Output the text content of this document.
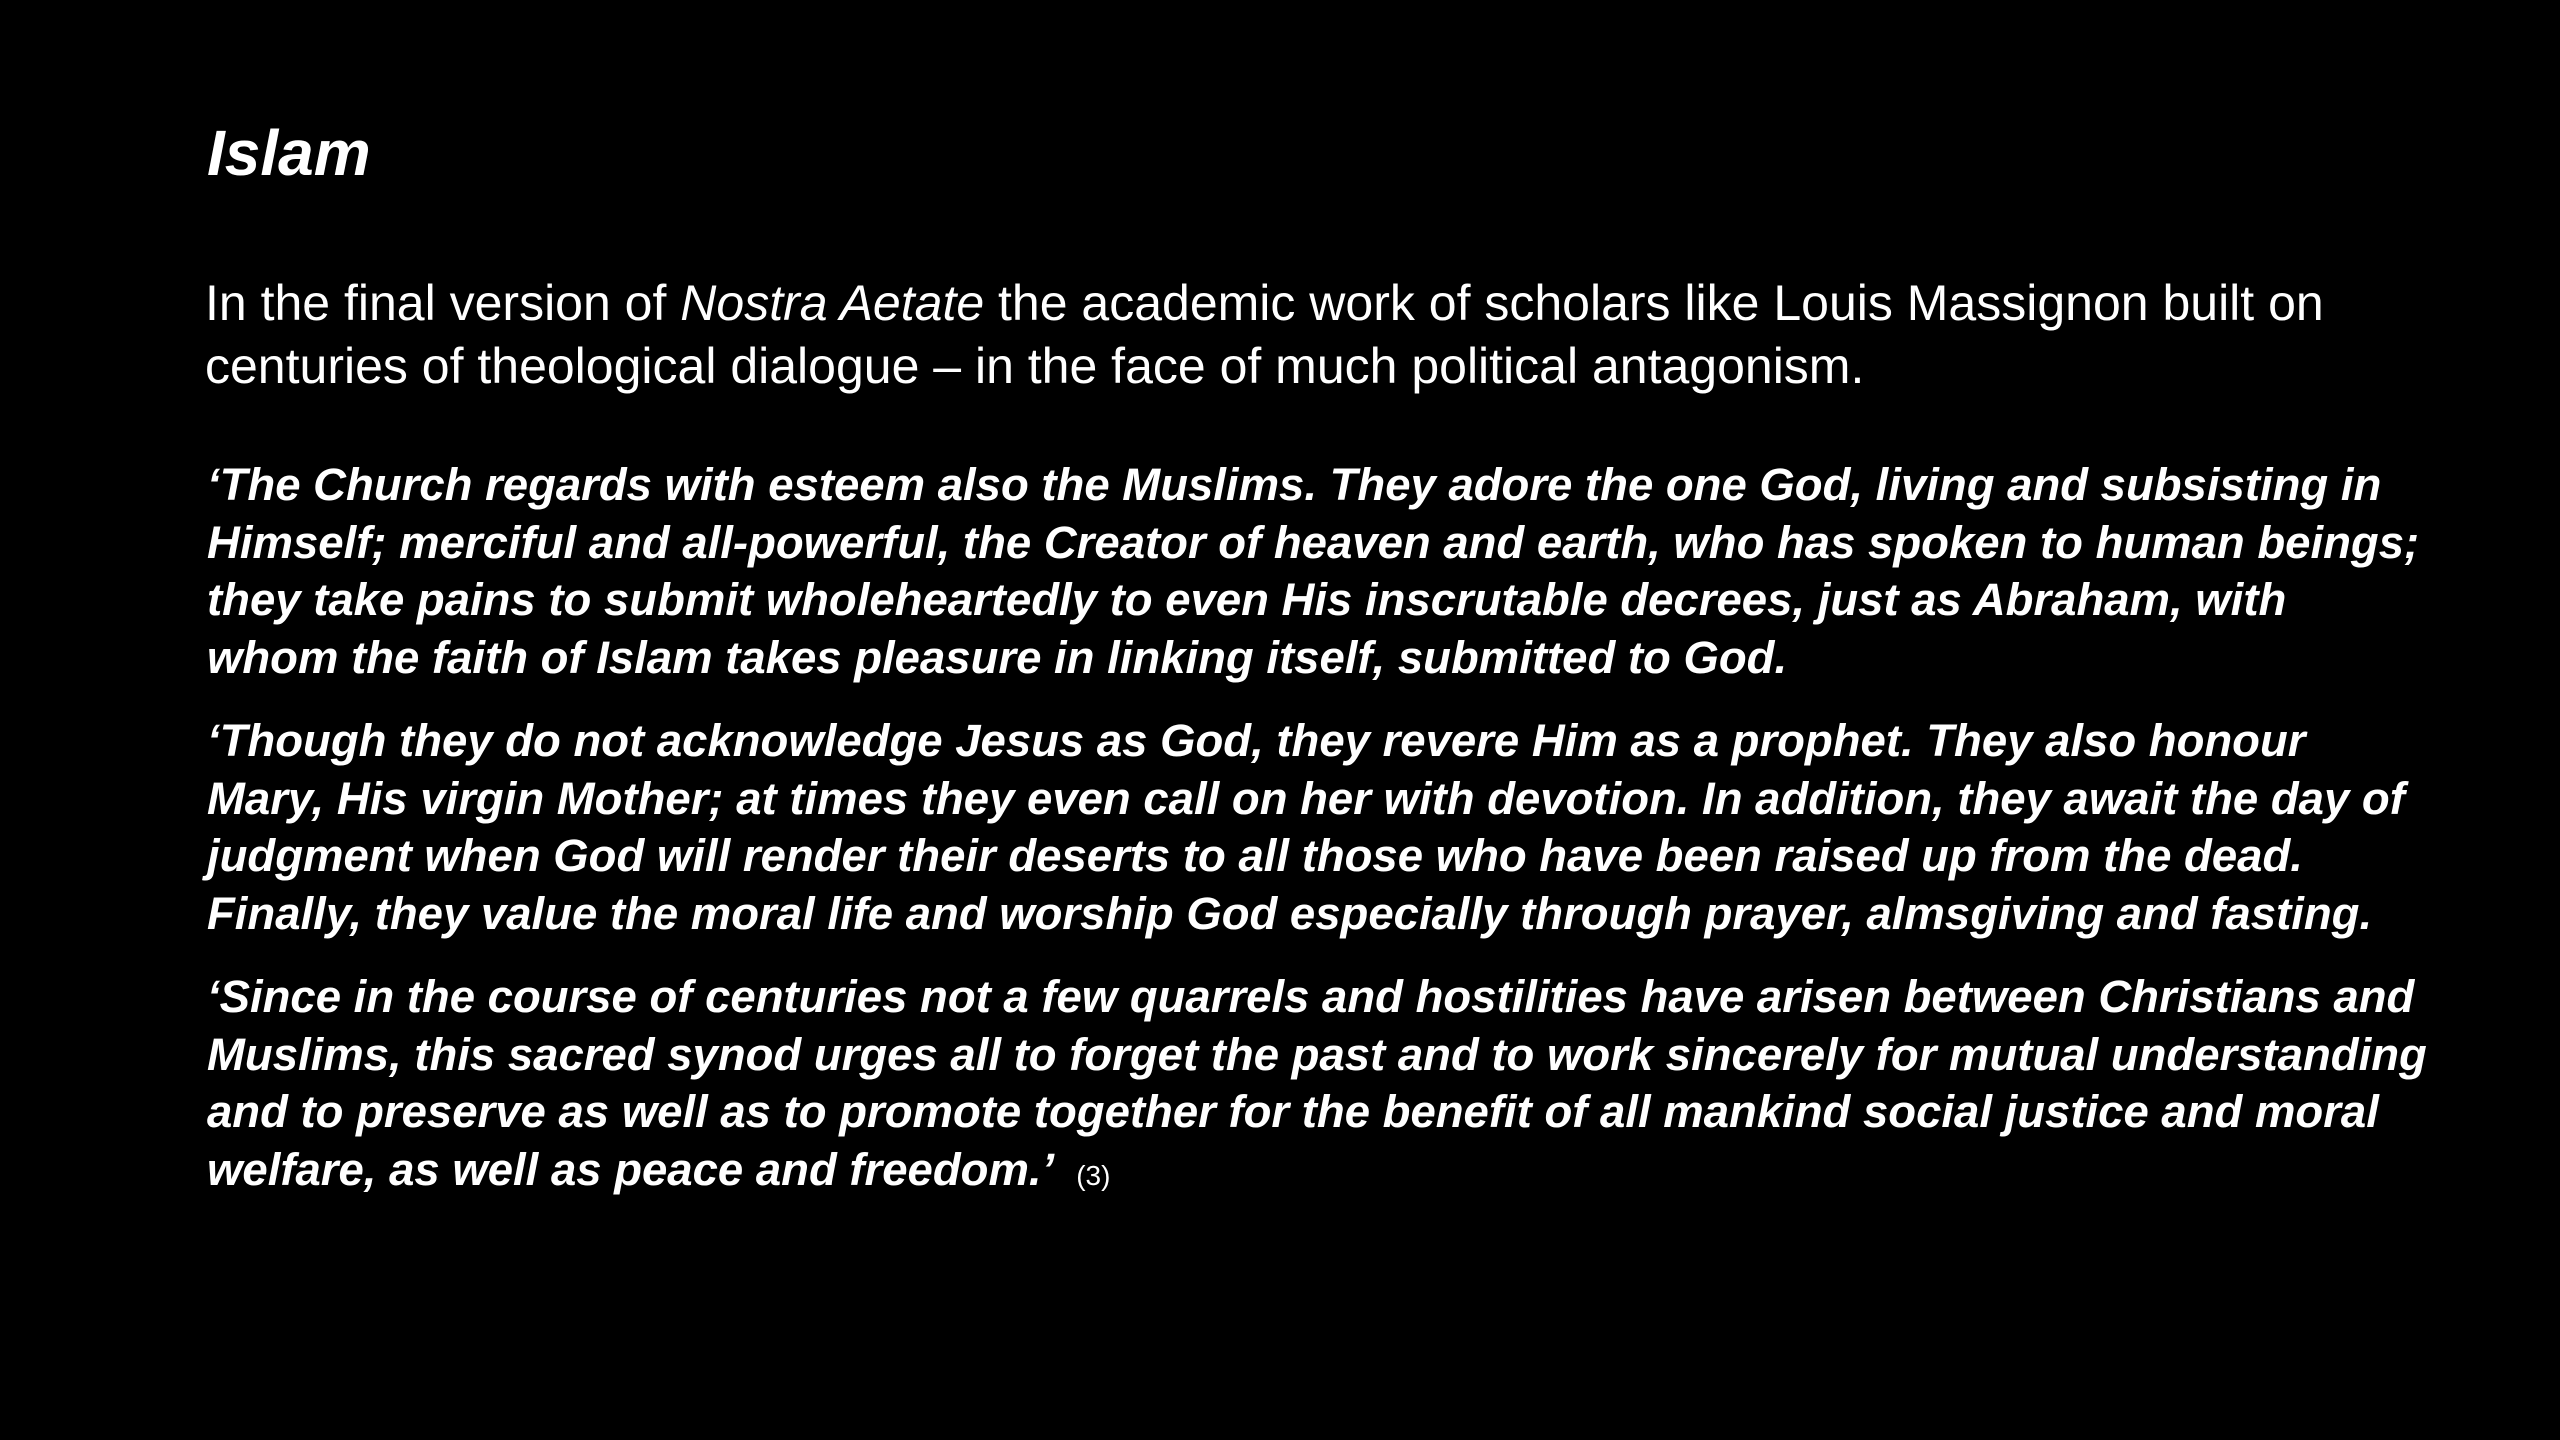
Islam

In the final version of Nostra Aetate the academic work of scholars like Louis Massignon built on centuries of theological dialogue – in the face of much political antagonism.

‘The Church regards with esteem also the Muslims. They adore the one God, living and subsisting in Himself; merciful and all-powerful, the Creator of heaven and earth, who has spoken to human beings; they take pains to submit wholeheartedly to even His inscrutable decrees, just as Abraham, with whom the faith of Islam takes pleasure in linking itself, submitted to God.

‘Though they do not acknowledge Jesus as God, they revere Him as a prophet. They also honour Mary, His virgin Mother; at times they even call on her with devotion. In addition, they await the day of judgment when God will render their deserts to all those who have been raised up from the dead. Finally, they value the moral life and worship God especially through prayer, almsgiving and fasting.

‘Since in the course of centuries not a few quarrels and hostilities have arisen between Christians and Muslims, this sacred synod urges all to forget the past and to work sincerely for mutual understanding and to preserve as well as to promote together for the benefit of all mankind social justice and moral welfare, as well as peace and freedom.’ (3)
